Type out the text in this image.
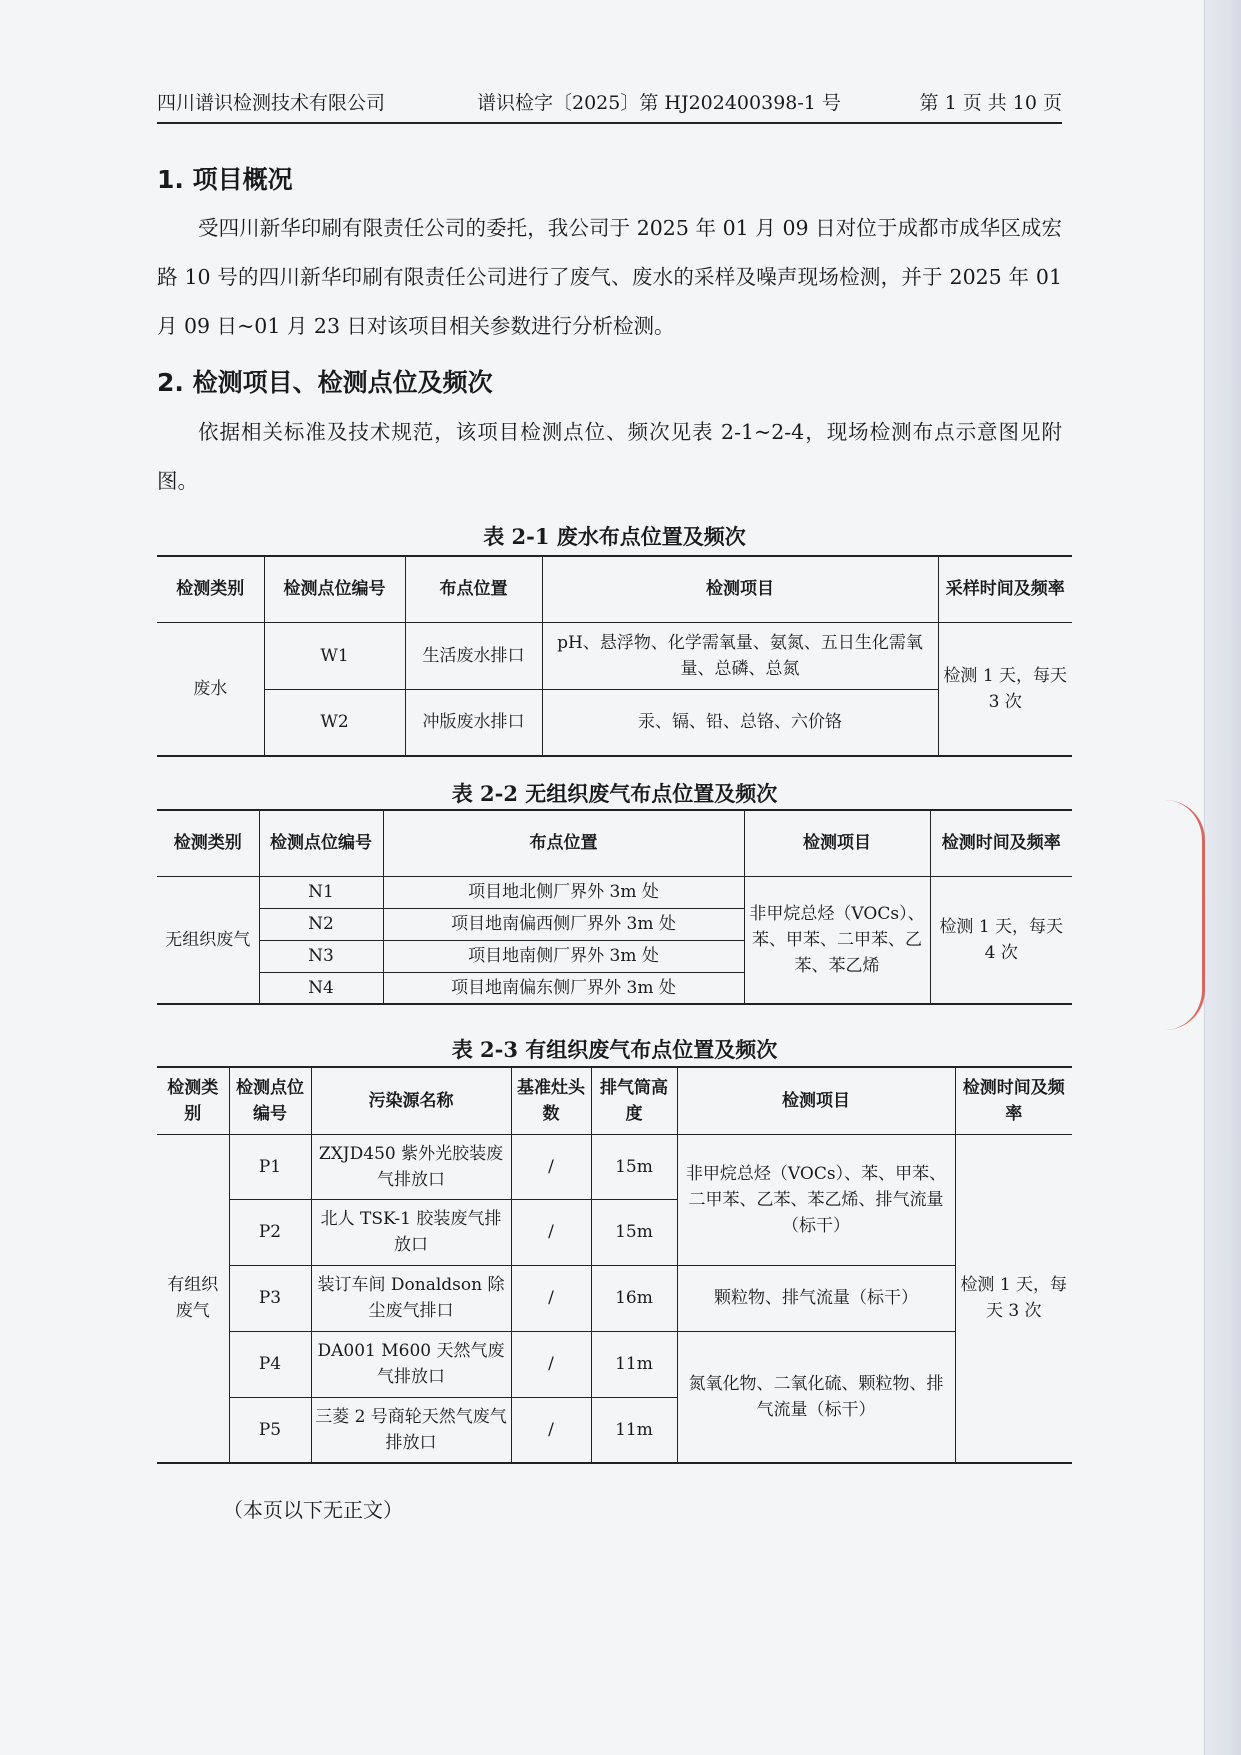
四川谱识检测技术有限公司	谱识检字〔2025〕第 HJ202400398-1 号	第 1 页 共 10 页
1. 项目概况

受四川新华印刷有限责任公司的委托，我公司于 2025 年 01 月 09 日对位于成都市成华区成宏路 10 号的四川新华印刷有限责任公司进行了废气、废水的采样及噪声现场检测，并于 2025 年 01 月 09 日~01 月 23 日对该项目相关参数进行分析检测。

2. 检测项目、检测点位及频次

依据相关标准及技术规范，该项目检测点位、频次见表 2-1~2-4，现场检测布点示意图见附图。

表 2-1 废水布点位置及频次

检测类别	检测点位编号	布点位置	检测项目	采样时间及频率
废水	W1	生活废水排口	pH、悬浮物、化学需氧量、氨氮、五日生化需氧量、总磷、总氮	检测 1 天，每天 3 次
	W2	冲版废水排口	汞、镉、铅、总铬、六价铬	

表 2-2 无组织废气布点位置及频次

检测类别	检测点位编号	布点位置	检测项目	检测时间及频率
无组织废气	N1	项目地北侧厂界外 3m 处	非甲烷总烃（VOCs）、苯、甲苯、二甲苯、乙苯、苯乙烯	检测 1 天，每天 4 次
	N2	项目地南偏西侧厂界外 3m 处		
	N3	项目地南侧厂界外 3m 处		
	N4	项目地南偏东侧厂界外 3m 处		

表 2-3 有组织废气布点位置及频次

检测类别	检测点位编号	污染源名称	基准灶头数	排气筒高度	检测项目	检测时间及频率
有组织废气	P1	ZXJD450 紫外光胶装废气排放口	/	15m	非甲烷总烃（VOCs）、苯、甲苯、二甲苯、乙苯、苯乙烯、排气流量（标干）	检测 1 天，每天 3 次
	P2	北人 TSK-1 胶装废气排放口	/	15m		
	P3	装订车间 Donaldson 除尘废气排口	/	16m	颗粒物、排气流量（标干）	
	P4	DA001 M600 天然气废气排放口	/	11m	氮氧化物、二氧化硫、颗粒物、排气流量（标干）	
	P5	三菱 2 号商轮天然气废气排放口	/	11m		
（本页以下无正文）
